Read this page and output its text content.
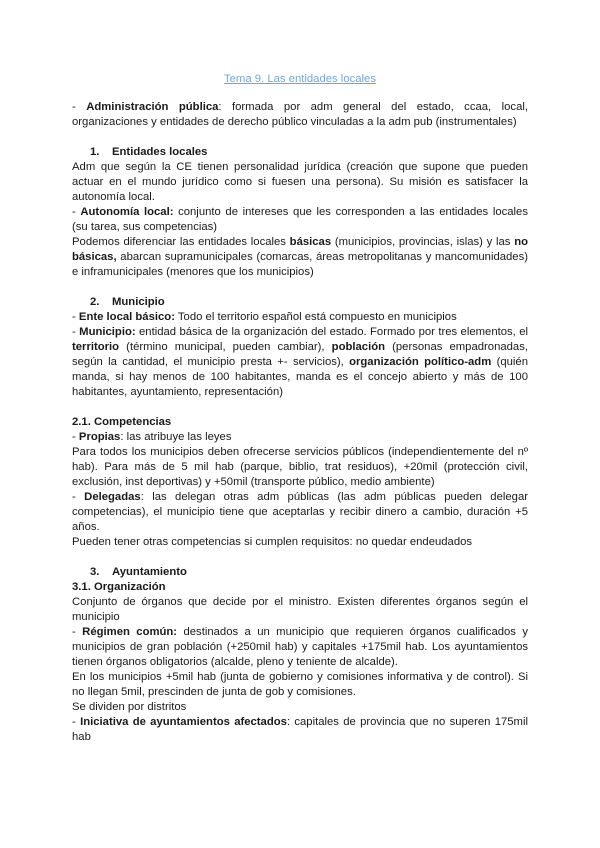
Tema 9. Las entidades locales

- Administración pública: formada por adm general del estado, ccaa, local, organizaciones y entidades de derecho público vinculadas a la adm pub (instrumentales)

1. Entidades locales

Adm que según la CE tienen personalidad jurídica (creación que supone que pueden actuar en el mundo jurídico como si fuesen una persona). Su misión es satisfacer la autonomía local.

- Autonomía local: conjunto de intereses que les corresponden a las entidades locales (su tarea, sus competencias)

Podemos diferenciar las entidades locales básicas (municipios, provincias, islas) y las no básicas, abarcan supramunicipales (comarcas, áreas metropolitanas y mancomunidades) e inframunicipales (menores que los municipios)

2. Municipio

- Ente local básico: Todo el territorio español está compuesto en municipios

- Municipio: entidad básica de la organización del estado. Formado por tres elementos, el territorio (término municipal, pueden cambiar), población (personas empadronadas, según la cantidad, el municipio presta +- servicios), organización político-adm (quién manda, si hay menos de 100 habitantes, manda es el concejo abierto y más de 100 habitantes, ayuntamiento, representación)

2.1. Competencias

- Propias: las atribuye las leyes

Para todos los municipios deben ofrecerse servicios públicos (independientemente del nº hab). Para más de 5 mil hab (parque, biblio, trat residuos), +20mil (protección civil, exclusión, inst deportivas) y +50mil (transporte público, medio ambiente)

- Delegadas: las delegan otras adm públicas (las adm públicas pueden delegar competencias), el municipio tiene que aceptarlas y recibir dinero a cambio, duración +5 años.

Pueden tener otras competencias si cumplen requisitos: no quedar endeudados

3. Ayuntamiento
3.1. Organización

Conjunto de órganos que decide por el ministro. Existen diferentes órganos según el municipio

- Régimen común: destinados a un municipio que requieren órganos cualificados y municipios de gran población (+250mil hab) y capitales +175mil hab. Los ayuntamientos tienen órganos obligatorios (alcalde, pleno y teniente de alcalde).

En los municipios +5mil hab (junta de gobierno y comisiones informativa y de control). Si no llegan 5mil, prescinden de junta de gob y comisiones.

Se dividen por distritos

- Iniciativa de ayuntamientos afectados: capitales de provincia que no superen 175mil hab
